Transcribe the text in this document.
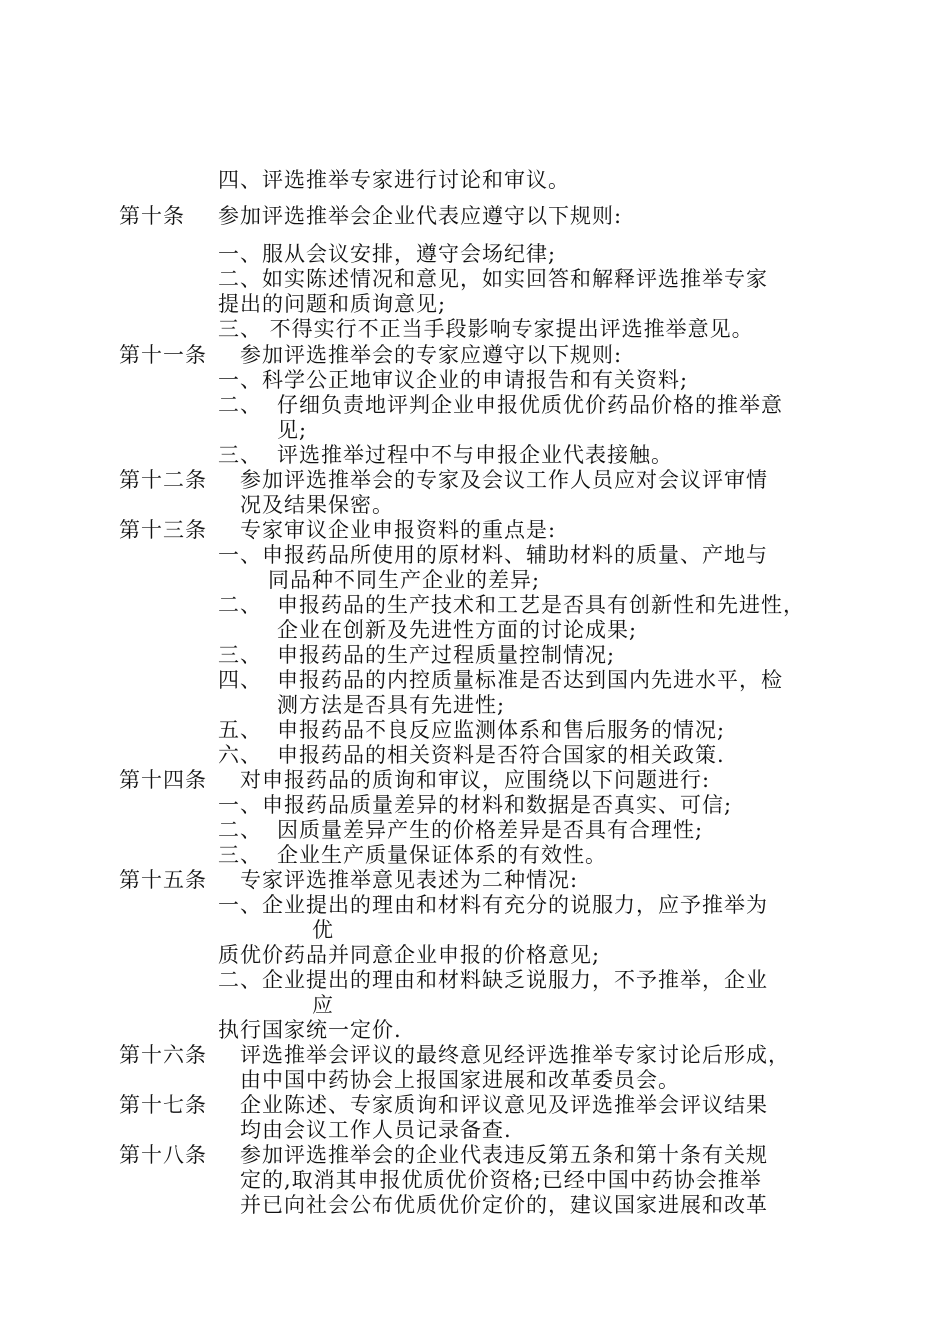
四、评选推举专家进行讨论和审议。
第十条 参加评选推举会企业代表应遵守以下规则:
一、服从会议安排，遵守会场纪律;
二、如实陈述情况和意见，如实回答和解释评选推举专家
提出的问题和质询意见;
三、 不得实行不正当手段影响专家提出评选推举意见。
第十一条 参加评选推举会的专家应遵守以下规则:
一、科学公正地审议企业的申请报告和有关资料;
二、 仔细负责地评判企业申报优质优价药品价格的推举意
见;
三、 评选推举过程中不与申报企业代表接触。
第十二条 参加评选推举会的专家及会议工作人员应对会议评审情
况及结果保密。
第十三条 专家审议企业申报资料的重点是:
一、申报药品所使用的原材料、辅助材料的质量、产地与
同品种不同生产企业的差异;
二、 申报药品的生产技术和工艺是否具有创新性和先进性，
企业在创新及先进性方面的讨论成果;
三、 申报药品的生产过程质量控制情况;
四、 申报药品的内控质量标准是否达到国内先进水平，检
测方法是否具有先进性;
五、 申报药品不良反应监测体系和售后服务的情况;
六、 申报药品的相关资料是否符合国家的相关政策.
第十四条 对申报药品的质询和审议，应围绕以下问题进行:
一、申报药品质量差异的材料和数据是否真实、可信;
二、 因质量差异产生的价格差异是否具有合理性;
三、 企业生产质量保证体系的有效性。
第十五条 专家评选推举意见表述为二种情况:
一、企业提出的理由和材料有充分的说服力，应予推举为
优
质优价药品并同意企业申报的价格意见;
二、企业提出的理由和材料缺乏说服力，不予推举，企业
应
执行国家统一定价.
第十六条 评选推举会评议的最终意见经评选推举专家讨论后形成，
由中国中药协会上报国家进展和改革委员会。
第十七条 企业陈述、专家质询和评议意见及评选推举会评议结果
均由会议工作人员记录备查.
第十八条 参加评选推举会的企业代表违反第五条和第十条有关规
定的,取消其申报优质优价资格;已经中国中药协会推举
并已向社会公布优质优价定价的，建议国家进展和改革
